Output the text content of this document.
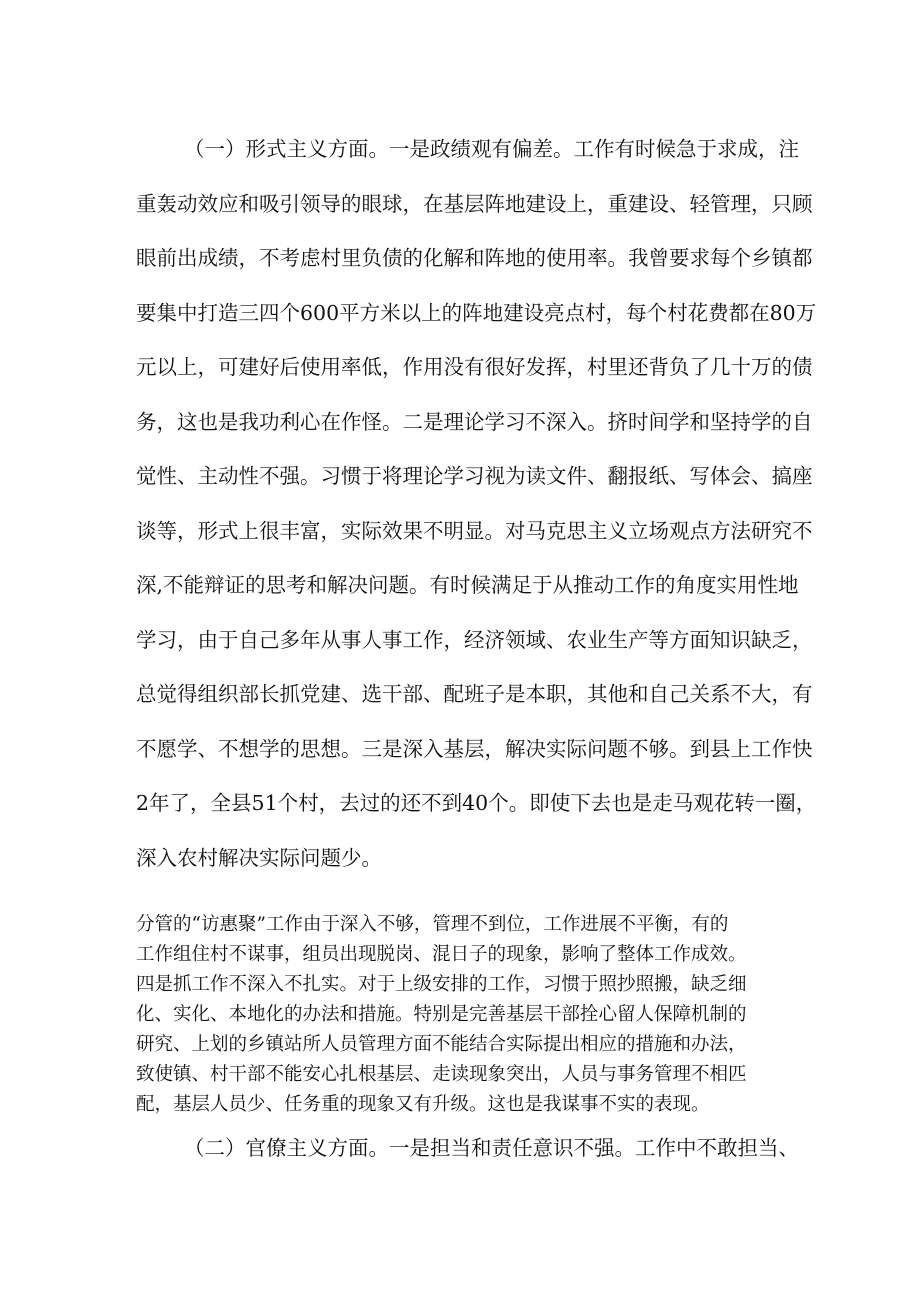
（一）形式主义方面。一是政绩观有偏差。工作有时候急于求成，注
重轰动效应和吸引领导的眼球，在基层阵地建设上，重建设、轻管理，只顾
眼前出成绩，不考虑村里负债的化解和阵地的使用率。我曾要求每个乡镇都
要集中打造三四个600平方米以上的阵地建设亮点村，每个村花费都在80万
元以上，可建好后使用率低，作用没有很好发挥，村里还背负了几十万的债
务，这也是我功利心在作怪。二是理论学习不深入。挤时间学和坚持学的自
觉性、主动性不强。习惯于将理论学习视为读文件、翻报纸、写体会、搞座
谈等，形式上很丰富，实际效果不明显。对马克思主义立场观点方法研究不
深,不能辩证的思考和解决问题。有时候满足于从推动工作的角度实用性地
学习，由于自己多年从事人事工作，经济领域、农业生产等方面知识缺乏，
总觉得组织部长抓党建、选干部、配班子是本职，其他和自己关系不大，有
不愿学、不想学的思想。三是深入基层，解决实际问题不够。到县上工作快
2年了，全县51个村，去过的还不到40个。即使下去也是走马观花转一圈，
深入农村解决实际问题少。
分管的“访惠聚”工作由于深入不够，管理不到位，工作进展不平衡，有的
工作组住村不谋事，组员出现脱岗、混日子的现象，影响了整体工作成效。
四是抓工作不深入不扎实。对于上级安排的工作，习惯于照抄照搬，缺乏细
化、实化、本地化的办法和措施。特别是完善基层干部拴心留人保障机制的
研究、上划的乡镇站所人员管理方面不能结合实际提出相应的措施和办法，
致使镇、村干部不能安心扎根基层、走读现象突出，人员与事务管理不相匹
配，基层人员少、任务重的现象又有升级。这也是我谋事不实的表现。
（二）官僚主义方面。一是担当和责任意识不强。工作中不敢担当、
